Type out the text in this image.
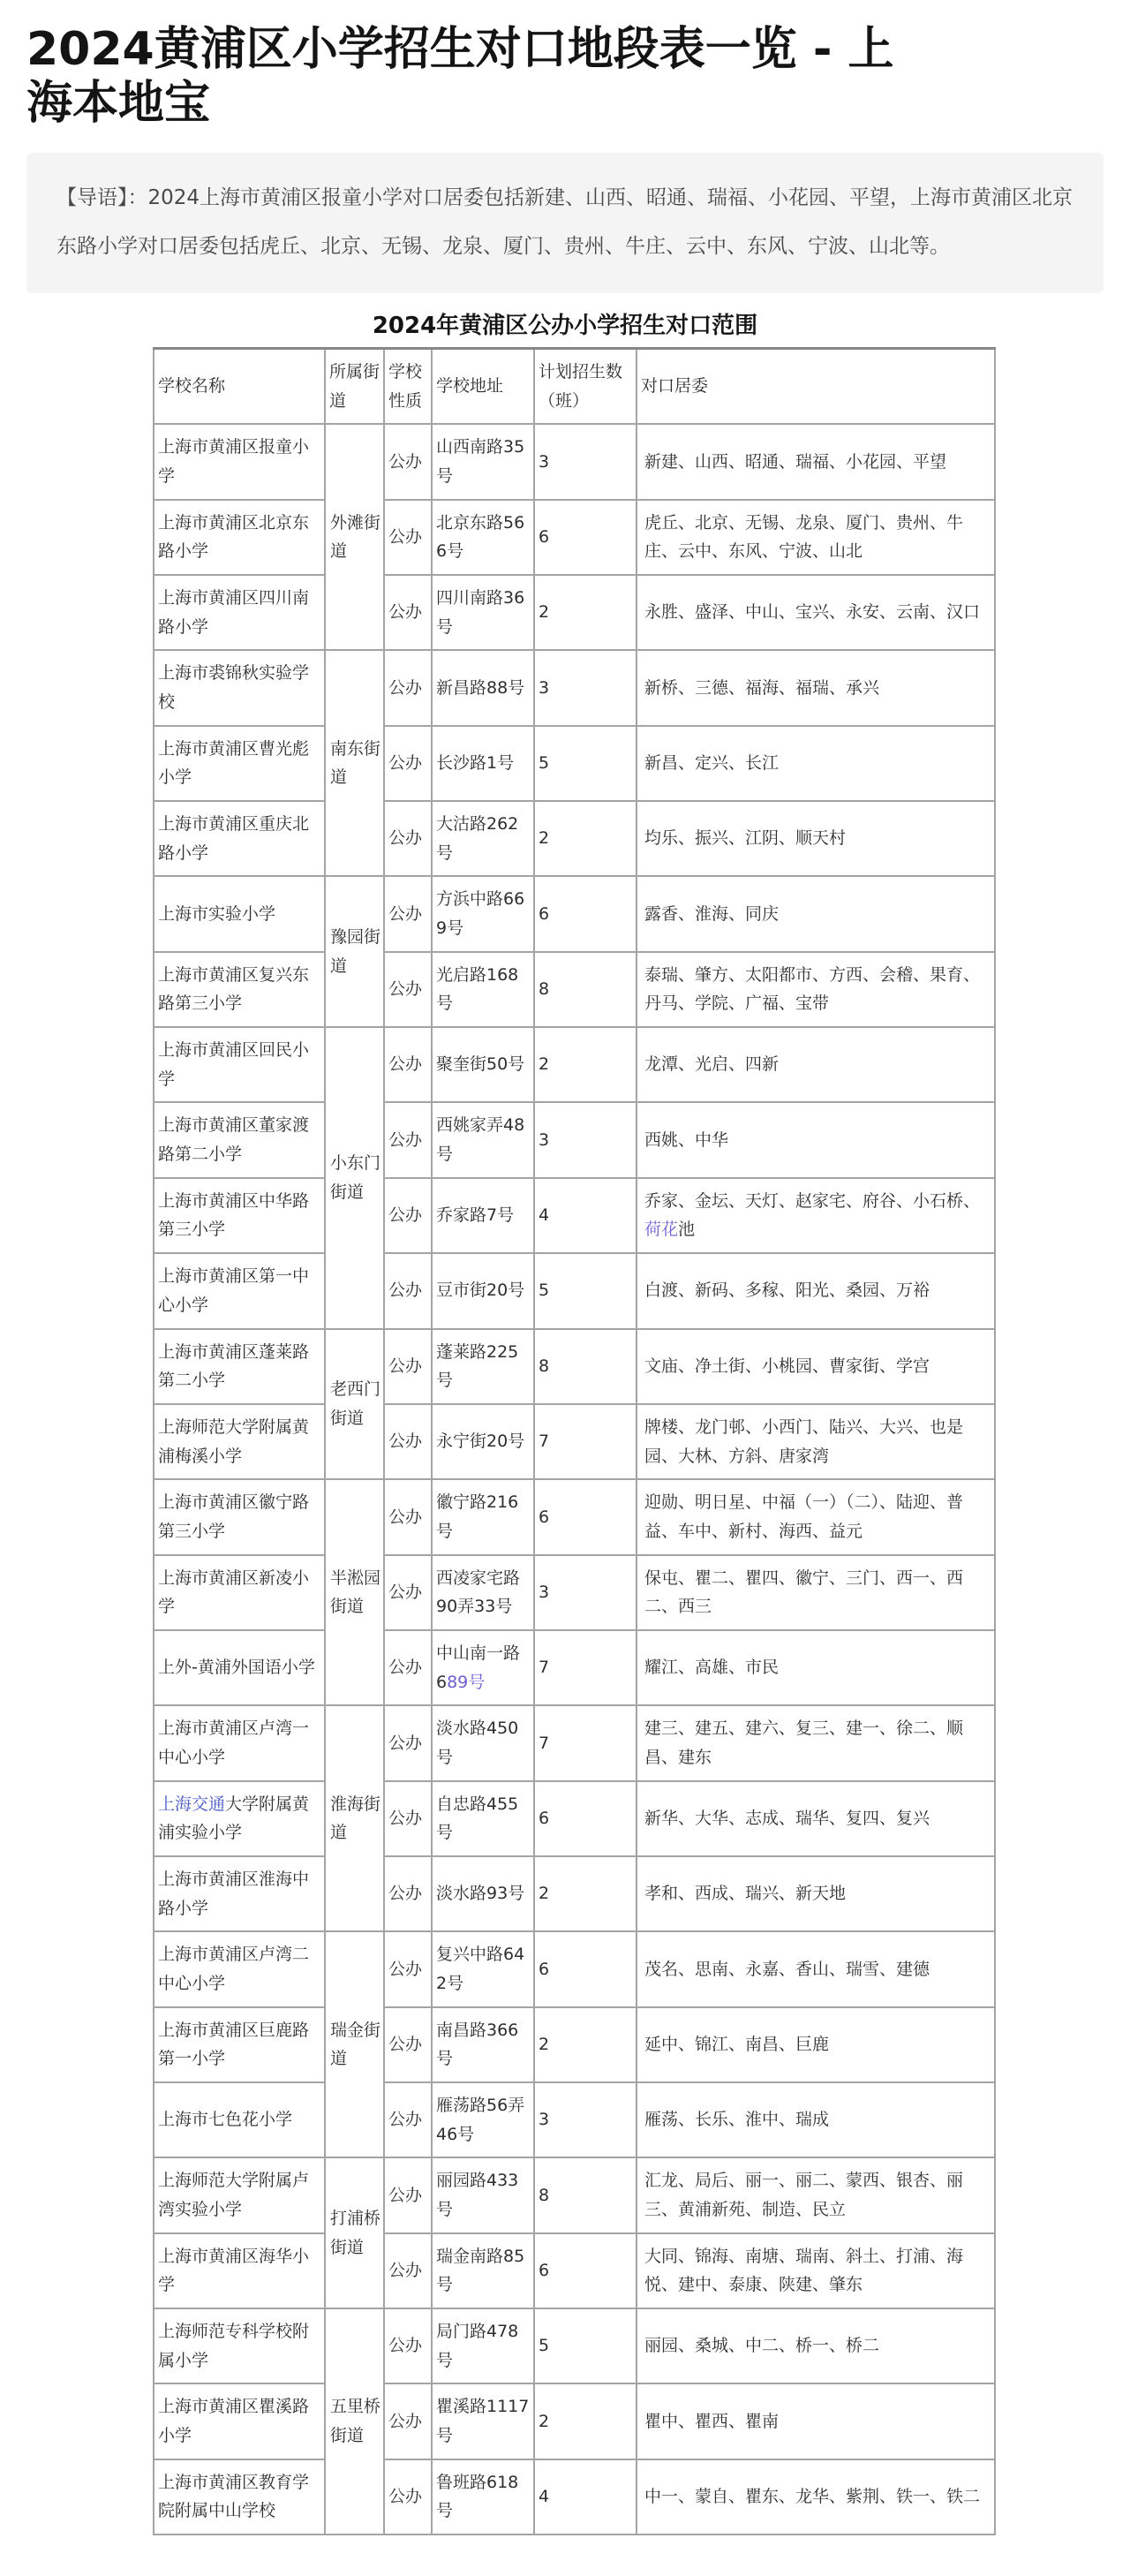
2024黄浦区小学招生对口地段表一览 - 上海本地宝

【导语】：2024上海市黄浦区报童小学对口居委包括新建、山西、昭通、瑞福、小花园、平望，上海市黄浦区北京东路小学对口居委包括虎丘、北京、无锡、龙泉、厦门、贵州、牛庄、云中、东风、宁波、山北等。

2024年黄浦区公办小学招生对口范围
学校名称	所属街道	学校性质	学校地址	计划招生数（班）	对口居委
上海市黄浦区报童小学	外滩街道	公办	山西南路35号	3	新建、山西、昭通、瑞福、小花园、平望
上海市黄浦区北京东路小学		公办	北京东路566号	6	虎丘、北京、无锡、龙泉、厦门、贵州、牛庄、云中、东风、宁波、山北
上海市黄浦区四川南路小学		公办	四川南路36号	2	永胜、盛泽、中山、宝兴、永安、云南、汉口
上海市裘锦秋实验学校	南东街道	公办	新昌路88号	3	新桥、三德、福海、福瑞、承兴
上海市黄浦区曹光彪小学		公办	长沙路1号	5	新昌、定兴、长江
上海市黄浦区重庆北路小学		公办	大沽路262号	2	均乐、振兴、江阴、顺天村
上海市实验小学	豫园街道	公办	方浜中路669号	6	露香、淮海、同庆
上海市黄浦区复兴东路第三小学		公办	光启路168号	8	泰瑞、肇方、太阳都市、方西、会稽、果育、丹马、学院、广福、宝带
上海市黄浦区回民小学	小东门街道	公办	聚奎街50号	2	龙潭、光启、四新
上海市黄浦区董家渡路第二小学		公办	西姚家弄48号	3	西姚、中华
上海市黄浦区中华路第三小学		公办	乔家路7号	4	乔家、金坛、天灯、赵家宅、府谷、小石桥、荷花池
上海市黄浦区第一中心小学		公办	豆市街20号	5	白渡、新码、多稼、阳光、桑园、万裕
上海市黄浦区蓬莱路第二小学	老西门街道	公办	蓬莱路225号	8	文庙、净土街、小桃园、曹家街、学宫
上海师范大学附属黄浦梅溪小学		公办	永宁街20号	7	牌楼、龙门邨、小西门、陆兴、大兴、也是园、大林、方斜、唐家湾
上海市黄浦区徽宁路第三小学	半淞园街道	公办	徽宁路216号	6	迎勋、明日星、中福（一）（二）、陆迎、普益、车中、新村、海西、益元
上海市黄浦区新凌小学		公办	西凌家宅路90弄33号	3	保屯、瞿二、瞿四、徽宁、三门、西一、西二、西三
上外-黄浦外国语小学		公办	中山南一路689号	7	耀江、高雄、市民
上海市黄浦区卢湾一中心小学	淮海街道	公办	淡水路450号	7	建三、建五、建六、复三、建一、徐二、顺昌、建东
上海交通大学附属黄浦实验小学		公办	自忠路455号	6	新华、大华、志成、瑞华、复四、复兴
上海市黄浦区淮海中路小学		公办	淡水路93号	2	孝和、西成、瑞兴、新天地
上海市黄浦区卢湾二中心小学	瑞金街道	公办	复兴中路642号	6	茂名、思南、永嘉、香山、瑞雪、建德
上海市黄浦区巨鹿路第一小学		公办	南昌路366号	2	延中、锦江、南昌、巨鹿
上海市七色花小学		公办	雁荡路56弄46号	3	雁荡、长乐、淮中、瑞成
上海师范大学附属卢湾实验小学	打浦桥街道	公办	丽园路433号	8	汇龙、局后、丽一、丽二、蒙西、银杏、丽三、黄浦新苑、制造、民立
上海市黄浦区海华小学		公办	瑞金南路85号	6	大同、锦海、南塘、瑞南、斜土、打浦、海悦、建中、泰康、陕建、肇东
上海师范专科学校附属小学	五里桥街道	公办	局门路478号	5	丽园、桑城、中二、桥一、桥二
上海市黄浦区瞿溪路小学		公办	瞿溪路1117号	2	瞿中、瞿西、瞿南
上海市黄浦区教育学院附属中山学校		公办	鲁班路618号	4	中一、蒙自、瞿东、龙华、紫荆、铁一、铁二
